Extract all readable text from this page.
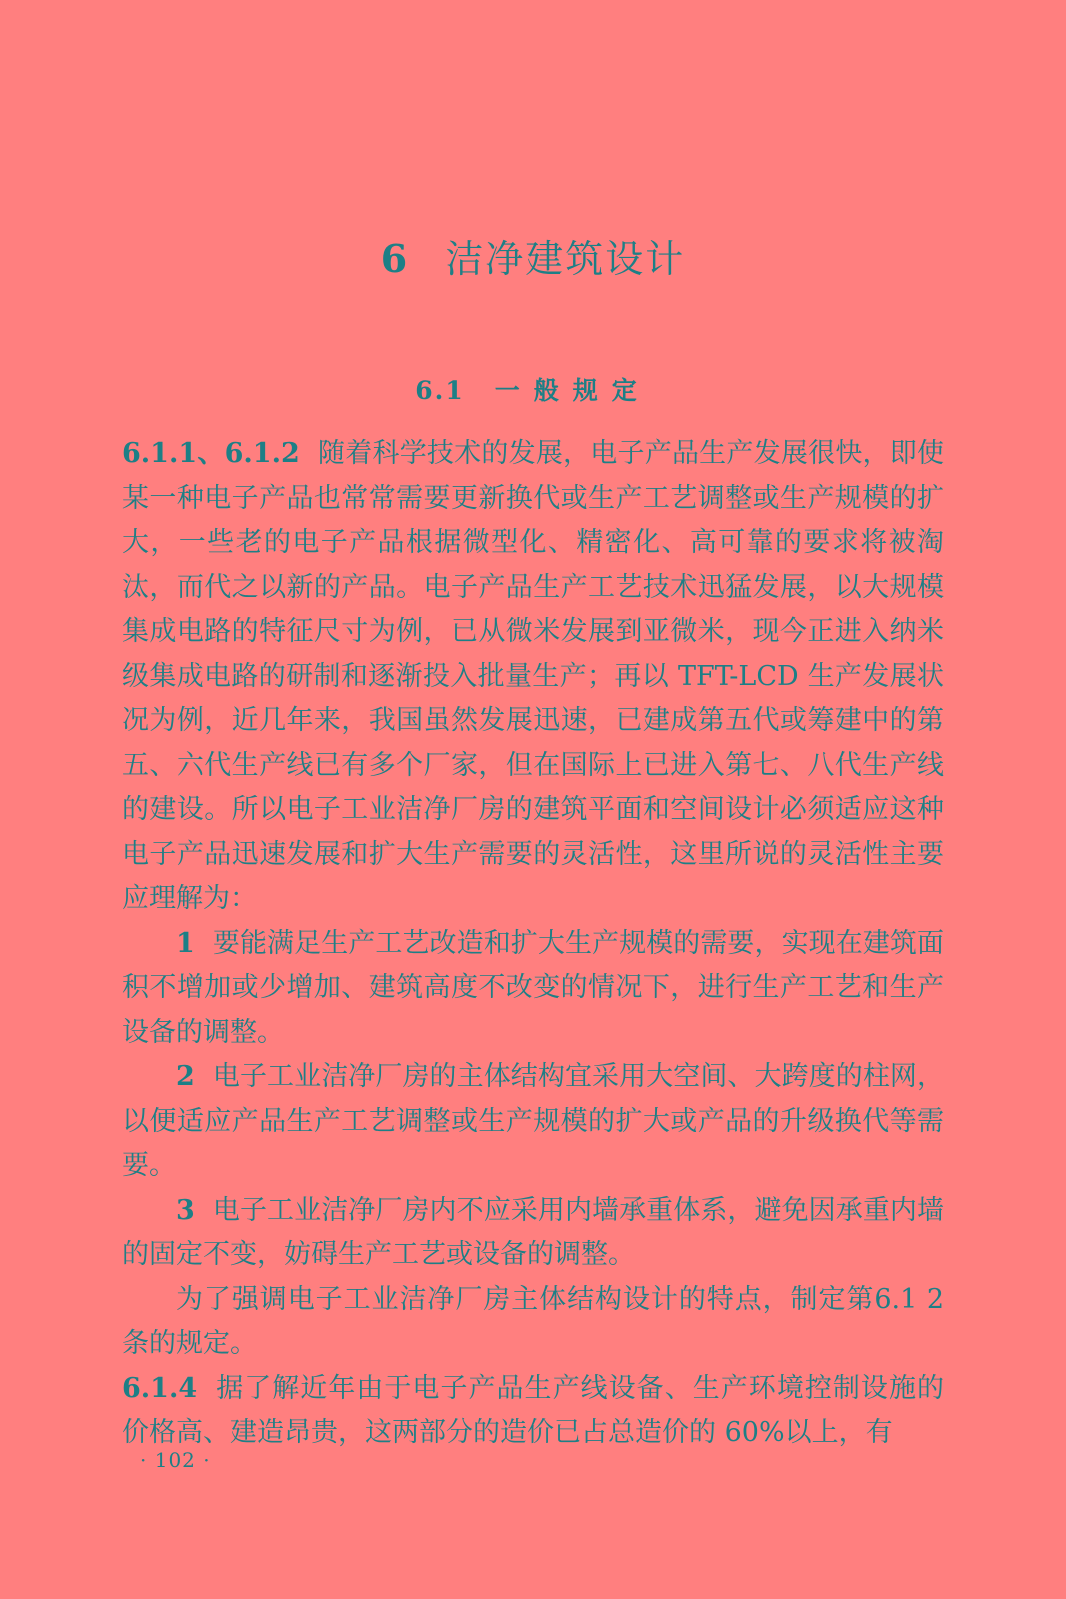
6 洁净建筑设计
6.1 一般规定

6.1.1、6.1.2 随着科学技术的发展，电子产品生产发展很快，即使某一种电子产品也常常需要更新换代或生产工艺调整或生产规模的扩大，一些老的电子产品根据微型化、精密化、高可靠的要求将被淘汰，而代之以新的产品。电子产品生产工艺技术迅猛发展，以大规模集成电路的特征尺寸为例，已从微米发展到亚微米，现今正进入纳米级集成电路的研制和逐渐投入批量生产；再以 TFT-LCD 生产发展状况为例，近几年来，我国虽然发展迅速，已建成第五代或筹建中的第五、六代生产线已有多个厂家，但在国际上已进入第七、八代生产线的建设。所以电子工业洁净厂房的建筑平面和空间设计必须适应这种电子产品迅速发展和扩大生产需要的灵活性，这里所说的灵活性主要应理解为：

1 要能满足生产工艺改造和扩大生产规模的需要，实现在建筑面积不增加或少增加、建筑高度不改变的情况下，进行生产工艺和生产设备的调整。

2 电子工业洁净厂房的主体结构宜采用大空间、大跨度的柱网，以便适应产品生产工艺调整或生产规模的扩大或产品的升级换代等需要。

3 电子工业洁净厂房内不应采用内墙承重体系，避免因承重内墙的固定不变，妨碍生产工艺或设备的调整。

为了强调电子工业洁净厂房主体结构设计的特点，制定第6.1 2条的规定。

6.1.4 据了解近年由于电子产品生产线设备、生产环境控制设施的价格高、建造昂贵，这两部分的造价已占总造价的 60%以上，有

· 102 ·
